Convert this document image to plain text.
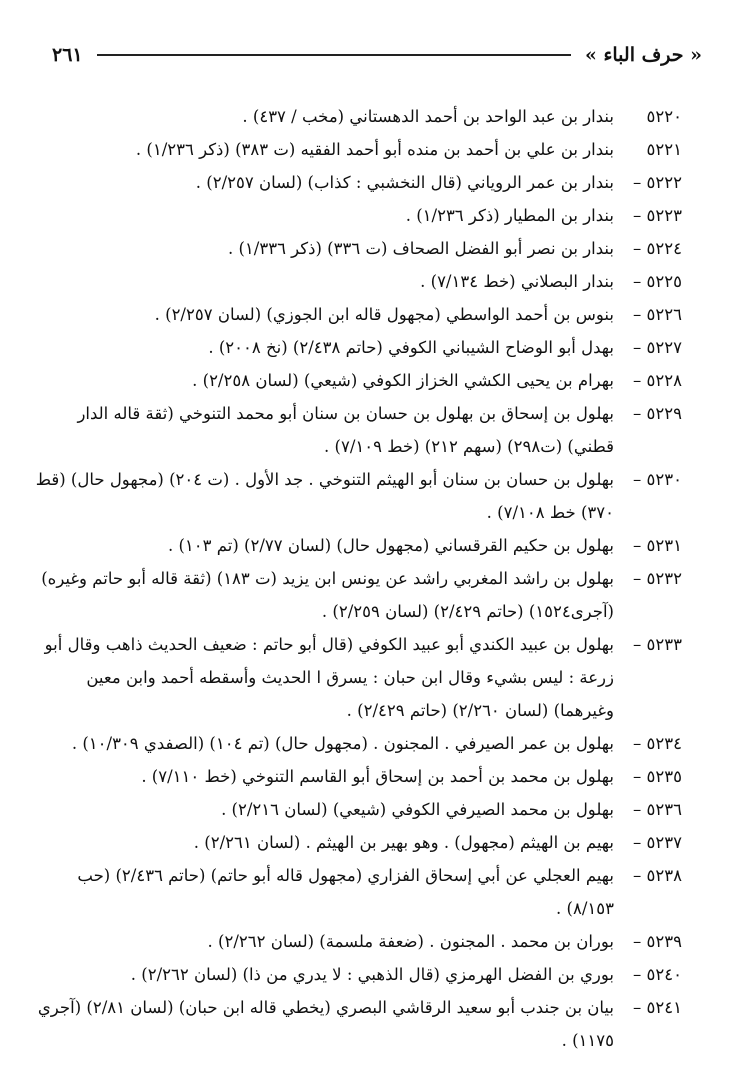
« حرف الباء »
٢٦١
٥٢٢٠
بندار بن عبد الواحد بن أحمد الدهستاني (مخب / ٤٣٧) .
٥٢٢١
بندار بن علي بن أحمد بن منده أبو أحمد الفقيه (ت ٣٨٣) (ذكر ١/٢٣٦) .
٥٢٢٢ –
بندار بن عمر الروياني (قال النخشبي : كذاب) (لسان ٢/٢٥٧) .
٥٢٢٣ –
بندار بن المطيار (ذكر ١/٢٣٦) .
٥٢٢٤ –
بندار بن نصر أبو الفضل الصحاف (ت ٣٣٦) (ذكر ١/٣٣٦) .
٥٢٢٥ –
بندار البصلاني (خط ٧/١٣٤) .
٥٢٢٦ –
بنوس بن أحمد الواسطي (مجهول قاله ابن الجوزي) (لسان ٢/٢٥٧) .
٥٢٢٧ –
بهدل أبو الوضاح الشيباني الكوفي (حاتم ٢/٤٣٨) (نخ ٢٠٠٨) .
٥٢٢٨ –
بهرام بن يحيى الكشي الخزاز الكوفي (شيعي) (لسان ٢/٢٥٨) .
٥٢٢٩ –
بهلول بن إسحاق بن بهلول بن حسان بن سنان أبو محمد التنوخي (ثقة قاله الدار قطني) (ت٢٩٨) (سهم ٢١٢) (خط ٧/١٠٩) .
٥٢٣٠ –
بهلول بن حسان بن سنان أبو الهيثم التنوخي . جد الأول . (ت ٢٠٤) (مجهول حال) (قط ٣٧٠) خط ٧/١٠٨) .
٥٢٣١ –
بهلول بن حكيم القرقساني (مجهول حال) (لسان ٢/٧٧) (تم ١٠٣) .
٥٢٣٢ –
بهلول بن راشد المغربي راشد عن يونس ابن يزيد (ت ١٨٣) (ثقة قاله أبو حاتم وغيره) (آجرى١٥٢٤) (حاتم ٢/٤٢٩) (لسان ٢/٢٥٩) .
٥٢٣٣ –
بهلول بن عبيد الكندي أبو عبيد الكوفي (قال أبو حاتم : ضعيف الحديث ذاهب وقال أبو زرعة : ليس بشيء وقال ابن حبان : يسرق ا الحديث وأسقطه أحمد وابن معين وغيرهما) (لسان ٢/٢٦٠) (حاتم ٢/٤٢٩) .
٥٢٣٤ –
بهلول بن عمر الصيرفي . المجنون . (مجهول حال) (تم ١٠٤) (الصفدي ١٠/٣٠٩) .
٥٢٣٥ –
بهلول بن محمد بن أحمد بن إسحاق أبو القاسم التنوخي (خط ٧/١١٠) .
٥٢٣٦ –
بهلول بن محمد الصيرفي الكوفي (شيعي) (لسان ٢/٢١٦) .
٥٢٣٧ –
بهيم بن الهيثم (مجهول) . وهو بهير بن الهيثم . (لسان ٢/٢٦١) .
٥٢٣٨ –
بهيم العجلي عن أبي إسحاق الفزاري (مجهول قاله أبو حاتم) (حاتم ٢/٤٣٦) (حب ٨/١٥٣) .
٥٢٣٩ –
بوران بن محمد . المجنون . (ضعفة ملسمة) (لسان ٢/٢٦٢) .
٥٢٤٠ –
بوري بن الفضل الهرمزي (قال الذهبي : لا يدري من ذا) (لسان ٢/٢٦٢) .
٥٢٤١ –
بيان بن جندب أبو سعيد الرقاشي البصري (يخطي قاله ابن حبان) (لسان ٢/٨١) (آجري ١١٧٥) .
